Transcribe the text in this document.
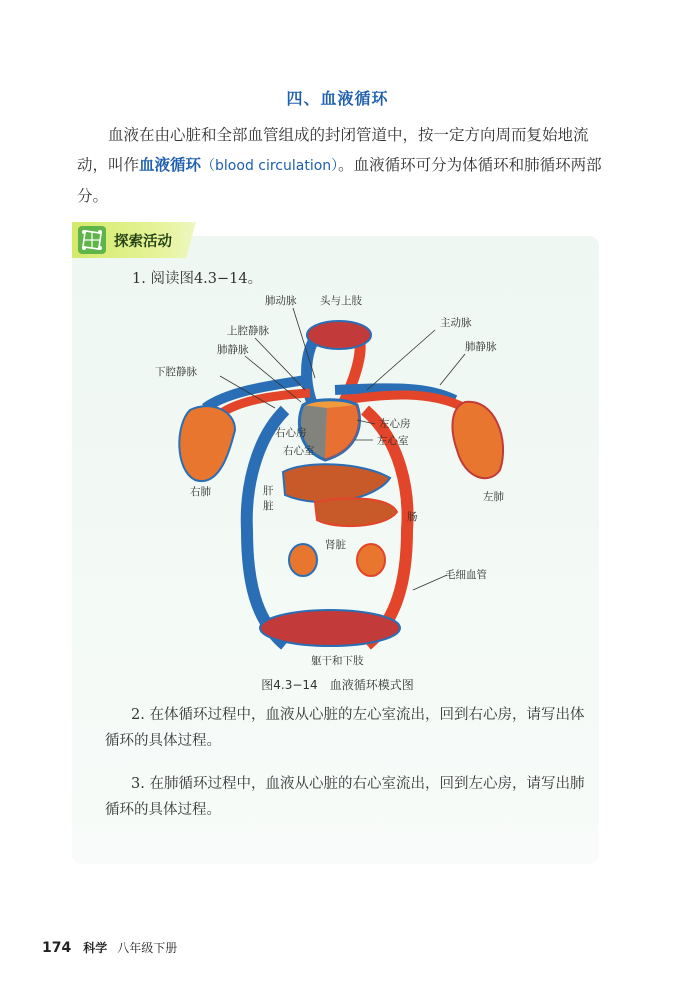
四、血液循环

血液在由心脏和全部血管组成的封闭管道中，按一定方向周而复始地流动，叫作血液循环（blood circulation）。血液循环可分为体循环和肺循环两部分。

探索活动
1. 阅读图4.3−14。
肺动脉 头与上肢
上腔静脉
主动脉
肺静脉	肺静脉
下腔静脉
右心房
右心室
左心房
左心室
右肺	左肺
肝
脏
肠
肾脏
毛细血管
躯干和下肢
图4.3−14 血液循环模式图
2. 在体循环过程中，血液从心脏的左心室流出，回到右心房，请写出体循环的具体过程。
3. 在肺循环过程中，血液从心脏的右心室流出，回到左心房，请写出肺循环的具体过程。
174 科学 八年级下册
